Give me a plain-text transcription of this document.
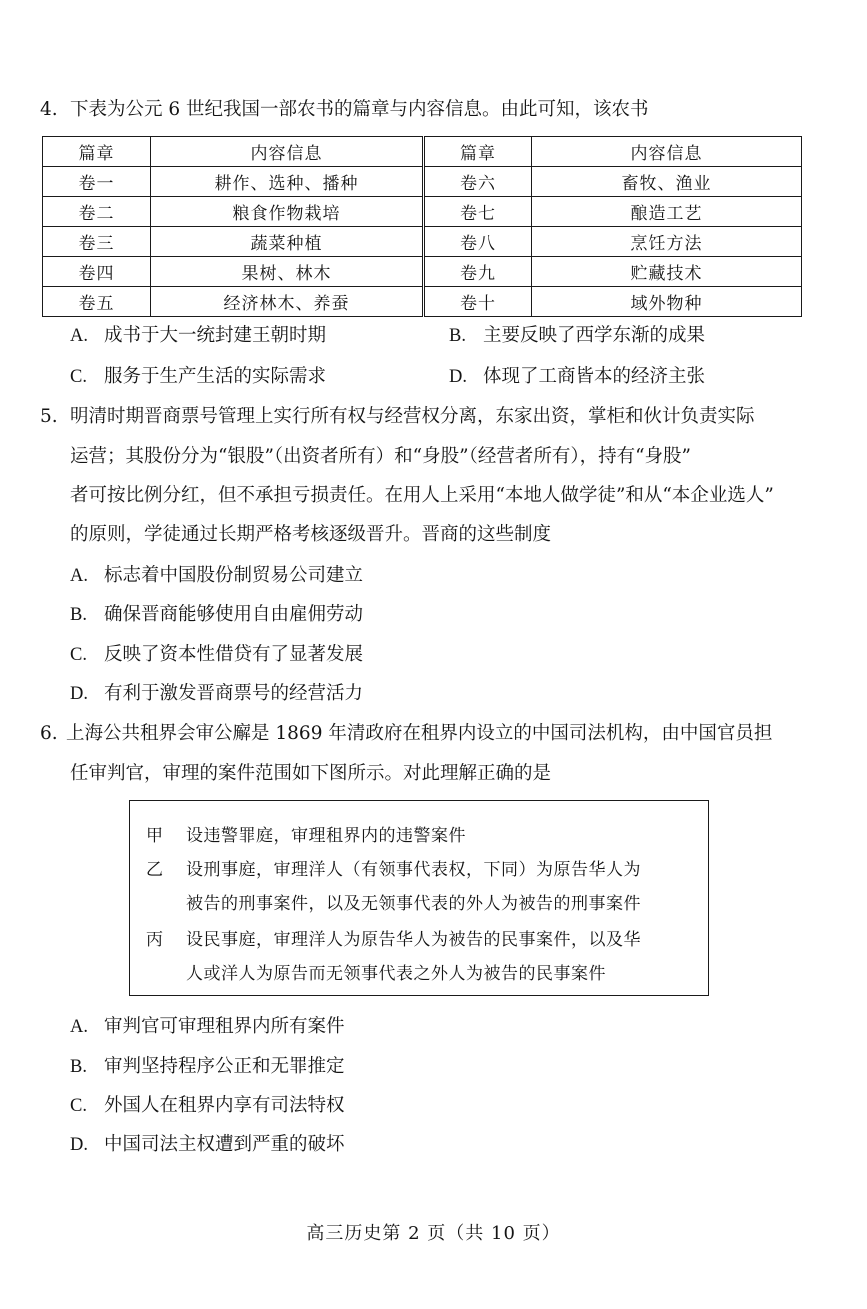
4. 下表为公元 6 世纪我国一部农书的篇章与内容信息。由此可知，该农书
篇章	内容信息	篇章	内容信息
卷一	耕作、选种、播种	卷六	畜牧、渔业
卷二	粮食作物栽培	卷七	酿造工艺
卷三	蔬菜种植	卷八	烹饪方法
卷四	果树、林木	卷九	贮藏技术
卷五	经济林木、养蚕	卷十	域外物种
A. 成书于大一统封建王朝时期	B. 主要反映了西学东渐的成果
C. 服务于生产生活的实际需求	D. 体现了工商皆本的经济主张
5. 明清时期晋商票号管理上实行所有权与经营权分离，东家出资，掌柜和伙计负责实际
运营；其股份分为“银股”（出资者所有）和“身股”（经营者所有），持有“身股”
者可按比例分红，但不承担亏损责任。在用人上采用“本地人做学徒”和从“本企业选人”
的原则，学徒通过长期严格考核逐级晋升。晋商的这些制度
A. 标志着中国股份制贸易公司建立
B. 确保晋商能够使用自由雇佣劳动
C. 反映了资本性借贷有了显著发展
D. 有利于激发晋商票号的经营活力
6. 上海公共租界会审公廨是 1869 年清政府在租界内设立的中国司法机构，由中国官员担
任审判官，审理的案件范围如下图所示。对此理解正确的是
甲 设违警罪庭，审理租界内的违警案件
乙 设刑事庭，审理洋人（有领事代表权，下同）为原告华人为
被告的刑事案件，以及无领事代表的外人为被告的刑事案件
丙 设民事庭，审理洋人为原告华人为被告的民事案件，以及华
人或洋人为原告而无领事代表之外人为被告的民事案件
A. 审判官可审理租界内所有案件
B. 审判坚持程序公正和无罪推定
C. 外国人在租界内享有司法特权
D. 中国司法主权遭到严重的破坏
高三历史第 2 页（共 10 页）
